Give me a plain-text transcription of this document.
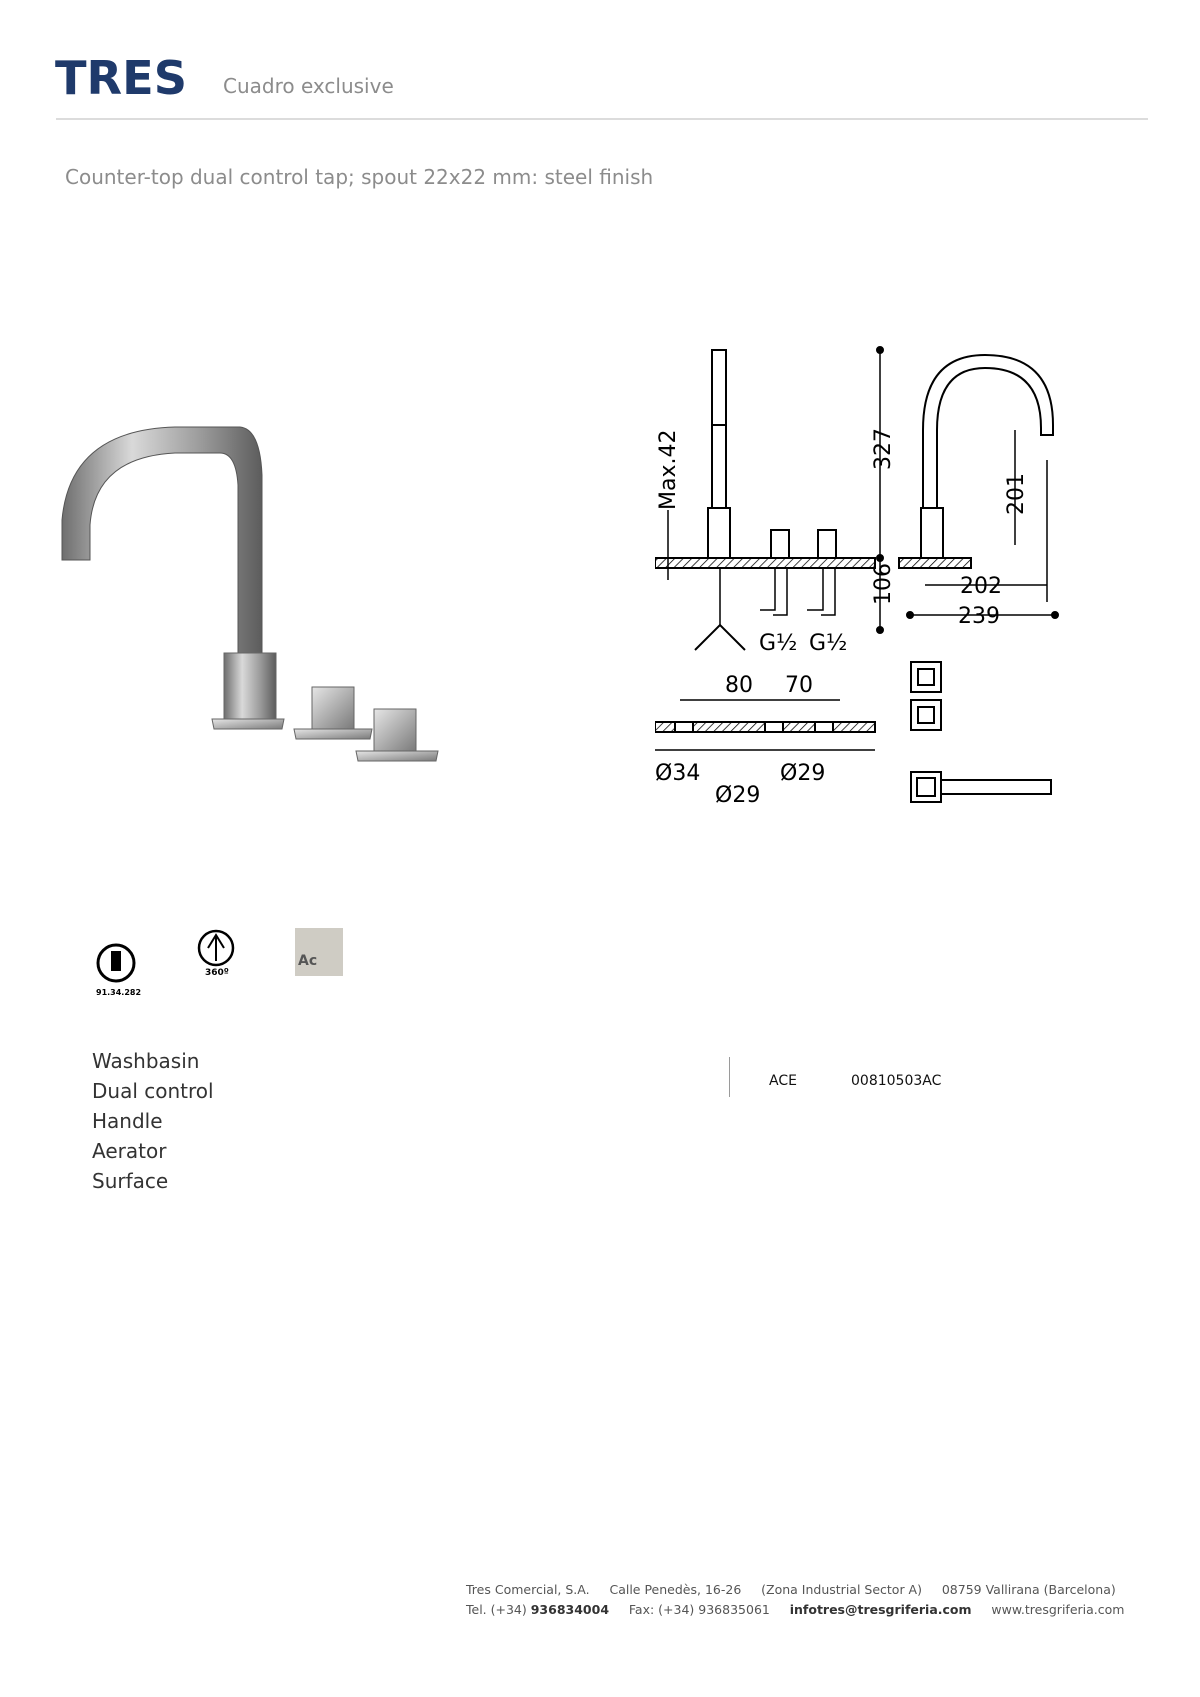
TRES Cuadro exclusive
Counter-top dual control tap; spout 22x22 mm: steel finish
Max.42	327
106
201
202
239
80 70
Ø34
Ø29
Ø29
G½ G½
91.34.282
360º
Ac
Washbasin
Dual control
Handle
Aerator
Surface
ACE	00810503AC
Tres Comercial, S.A. Calle Penedès, 16-26 (Zona Industrial Sector A) 08759 Vallirana (Barcelona)
Tel. (+34) 936834004 Fax: (+34) 936835061 infotres@tresgriferia.com www.tresgriferia.com
